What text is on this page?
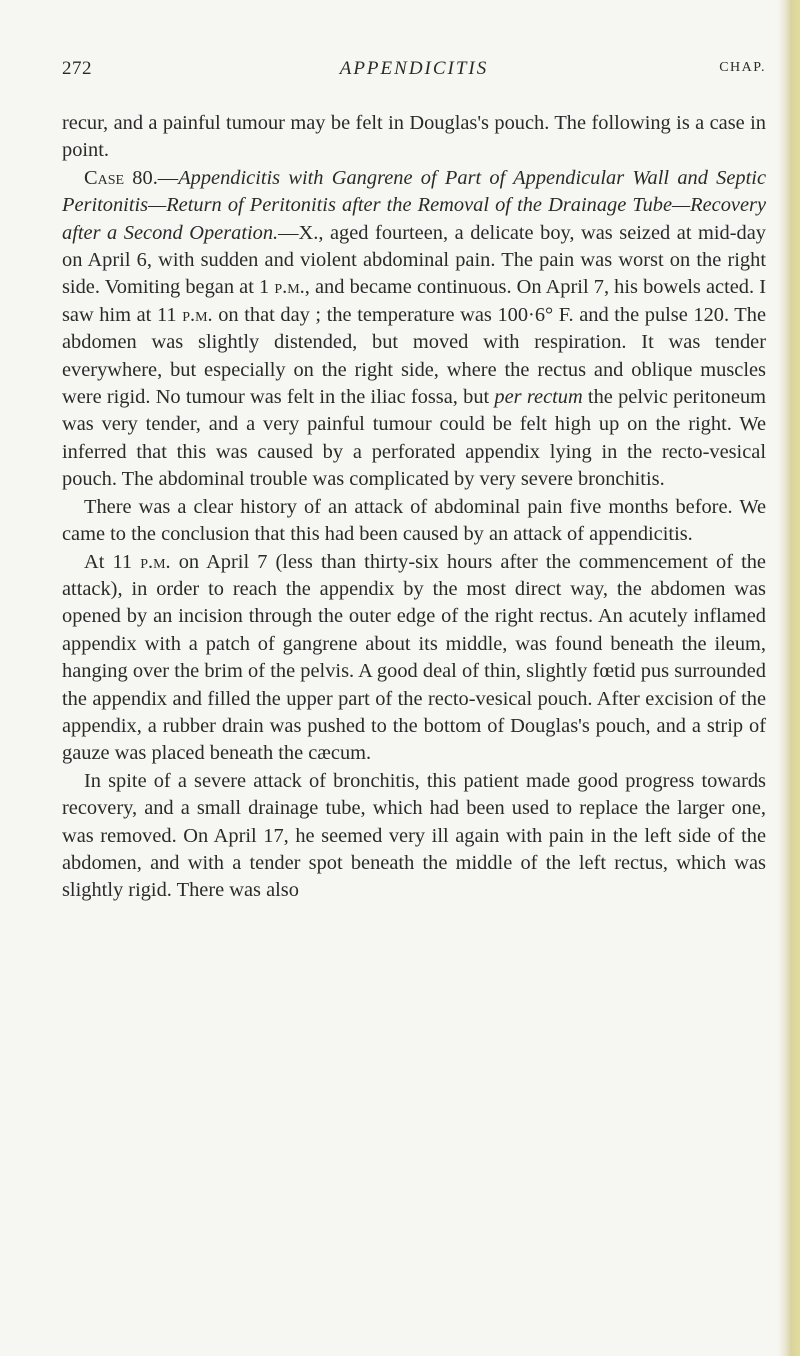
272	APPENDICITIS	CHAP.

recur, and a painful tumour may be felt in Douglas's pouch. The following is a case in point.

Case 80.—Appendicitis with Gangrene of Part of Appendicular Wall and Septic Peritonitis—Return of Peritonitis after the Removal of the Drainage Tube—Recovery after a Second Operation.—X., aged fourteen, a delicate boy, was seized at mid-day on April 6, with sudden and violent abdominal pain. The pain was worst on the right side. Vomiting began at 1 p.m., and became continuous. On April 7, his bowels acted. I saw him at 11 p.m. on that day ; the temperature was 100·6° F. and the pulse 120. The abdomen was slightly distended, but moved with respiration. It was tender everywhere, but especially on the right side, where the rectus and oblique muscles were rigid. No tumour was felt in the iliac fossa, but per rectum the pelvic peritoneum was very tender, and a very painful tumour could be felt high up on the right. We inferred that this was caused by a perforated appendix lying in the recto-vesical pouch. The abdominal trouble was complicated by very severe bronchitis.

There was a clear history of an attack of abdominal pain five months before. We came to the conclusion that this had been caused by an attack of appendicitis.

At 11 p.m. on April 7 (less than thirty-six hours after the commencement of the attack), in order to reach the appendix by the most direct way, the abdomen was opened by an incision through the outer edge of the right rectus. An acutely inflamed appendix with a patch of gangrene about its middle, was found beneath the ileum, hanging over the brim of the pelvis. A good deal of thin, slightly fœtid pus surrounded the appendix and filled the upper part of the recto-vesical pouch. After excision of the appendix, a rubber drain was pushed to the bottom of Douglas's pouch, and a strip of gauze was placed beneath the cæcum.

In spite of a severe attack of bronchitis, this patient made good progress towards recovery, and a small drainage tube, which had been used to replace the larger one, was removed. On April 17, he seemed very ill again with pain in the left side of the abdomen, and with a tender spot beneath the middle of the left rectus, which was slightly rigid. There was also
